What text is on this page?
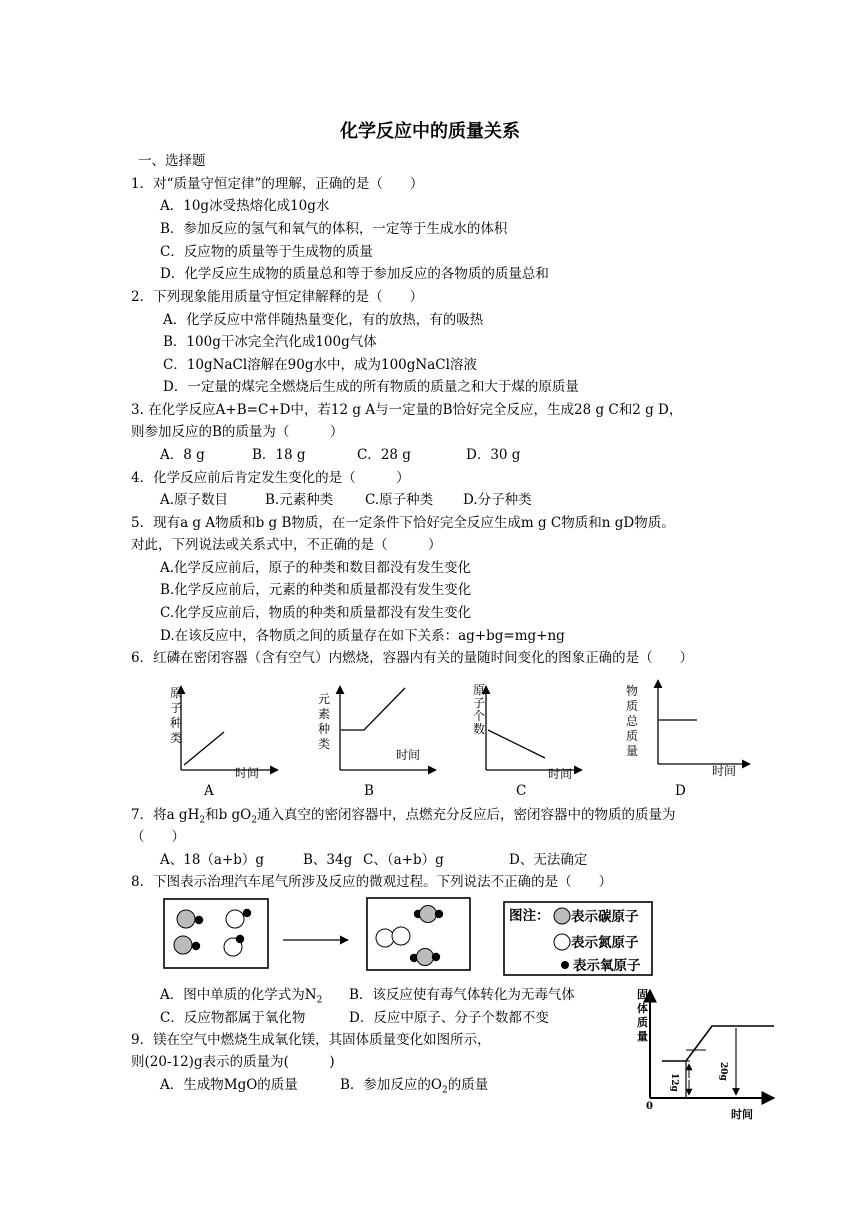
化学反应中的质量关系
一、选择题
1．对“质量守恒定律”的理解，正确的是（　　）
A．10g冰受热熔化成10g水
B．参加反应的氢气和氧气的体积，一定等于生成水的体积
C．反应物的质量等于生成物的质量
D．化学反应生成物的质量总和等于参加反应的各物质的质量总和
2．下列现象能用质量守恒定律解释的是（　　）
A．化学反应中常伴随热量变化，有的放热，有的吸热
B．100g干冰完全汽化成100g气体
C．10gNaCl溶解在90g水中，成为100gNaCl溶液
D．一定量的煤完全燃烧后生成的所有物质的质量之和大于煤的原质量
3. 在化学反应A+B=C+D中，若12 g A与一定量的B恰好完全反应，生成28 g C和2 g D，
则参加反应的B的质量为（　　　）
A．8 g	B．18 g	C．28 g	D．30 g
4．化学反应前后肯定发生变化的是（　　　）
A.原子数目	B.元素种类 C.原子种类 D.分子种类
5．现有a g A物质和b g B物质，在一定条件下恰好完全反应生成m g C物质和n gD物质。
对此，下列说法或关系式中，不正确的是（　　　）
A.化学反应前后，原子的种类和数目都没有发生变化
B.化学反应前后，元素的种类和质量都没有发生变化
C.化学反应前后，物质的种类和质量都没有发生变化
D.在该反应中，各物质之间的质量存在如下关系：ag+bg=mg+ng
6．红磷在密闭容器（含有空气）内燃烧，容器内有关的量随时间变化的图象正确的是（　　）
图注： 表示碳原子
表示氮原子
表示氧原子
原子种类
时间
A
元素种类
时间
B
原子个数
时间
C
物质总质量
时间
D
7．将a $gH_2$和b $gO_2$通入真空的密闭容器中，点燃充分反应后，密闭容器中的物质的质量为
（　　）
A、18（a+b）g	B、34g C、（a+b）g	D、无法确定
8．下图表示治理汽车尾气所涉及反应的微观过程。下列说法不正确的是（　　）
A．图中单质的化学式为$N_2$ B．该反应使有毒气体转化为无毒气体
C．反应物都属于氧化物	D．反应中原子、分子个数都不变
9．镁在空气中燃烧生成氧化镁，其固体质量变化如图所示，
则(20-12)g表示的质量为(　　　)
A．生成物MgO的质量	B．参加反应的$O_2$的质量
固体质量
时间
0
12g
20g
